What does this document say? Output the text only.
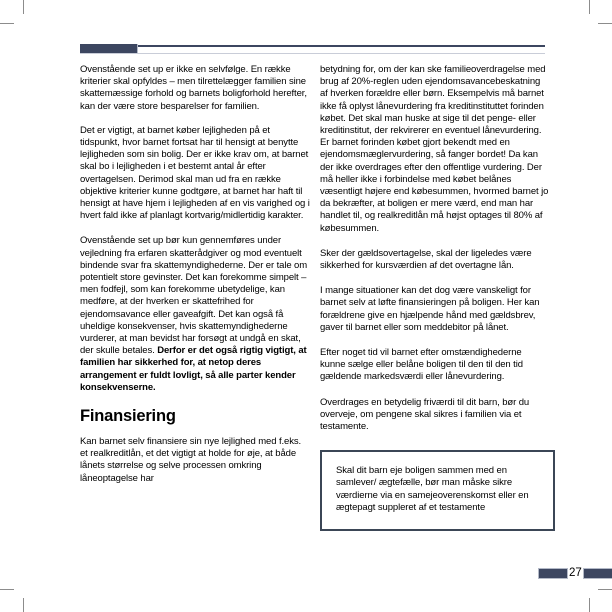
Ovenstående set up er ikke en selvfølge. En række kriterier skal opfyldes – men tilrettelægger familien sine skattemæssige forhold og barnets boligforhold herefter, kan der være store besparelser for familien.

Det er vigtigt, at barnet køber lejligheden på et tidspunkt, hvor barnet fortsat har til hensigt at benytte lejligheden som sin bolig. Der er ikke krav om, at barnet skal bo i lejligheden i et bestemt antal år efter overtagelsen. Derimod skal man ud fra en række objektive kriterier kunne godtgøre, at barnet har haft til hensigt at have hjem i lejligheden af en vis varighed og i hvert fald ikke af planlagt kortvarig/midlertidig karakter.

Ovenstående set up bør kun gennemføres under vejledning fra erfaren skatterådgiver og mod eventuelt bindende svar fra skattemyndighederne. Der er tale om potentielt store gevinster. Det kan forekomme simpelt – men fodfejl, som kan forekomme ubetydelige, kan medføre, at der hverken er skattefrihed for ejendomsavance eller gaveafgift. Det kan også få uheldige konsekvenser, hvis skattemyndighederne vurderer, at man bevidst har forsøgt at undgå en skat, der skulle betales. Derfor er det også rigtig vigtigt, at familien har sikkerhed for, at netop deres arrangement er fuldt lovligt, så alle parter kender konsekvenserne.

Finansiering

Kan barnet selv finansiere sin nye lejlighed med f.eks. et realkreditlån, et det vigtigt at holde for øje, at både lånets størrelse og selve processen omkring låneoptagelse har

betydning for, om der kan ske familieoverdragelse med brug af 20%-reglen uden ejendomsavancebeskatning af hverken forældre eller børn. Eksempelvis må barnet ikke få oplyst lånevurdering fra kreditinstituttet forinden købet. Det skal man huske at sige til det penge- eller kreditinstitut, der rekvirerer en eventuel lånevurdering. Er barnet forinden købet gjort bekendt med en ejendomsmæglervurdering, så fanger bordet! Da kan der ikke overdrages efter den offentlige vurdering. Der må heller ikke i forbindelse med købet belånes væsentligt højere end købesummen, hvormed barnet jo da bekræfter, at boligen er mere værd, end man har handlet til, og realkreditlån må højst optages til 80% af købesummen.

Sker der gældsovertagelse, skal der ligeledes være sikkerhed for kursværdien af det overtagne lån.

I mange situationer kan det dog være vanskeligt for barnet selv at løfte finansieringen på boligen. Her kan forældrene give en hjælpende hånd med gældsbrev, gaver til barnet eller som meddebitor på lånet.

Efter noget tid vil barnet efter omstændighederne kunne sælge eller belåne boligen til den til den tid gældende markedsværdi eller lånevurdering.

Overdrages en betydelig friværdi til dit barn, bør du overveje, om pengene skal sikres i familien via et testamente.

Skal dit barn eje boligen sammen med en samlever/ ægtefælle, bør man måske sikre værdierne via en samejeoverenskomst eller en ægtepagt suppleret af et testamente
27
